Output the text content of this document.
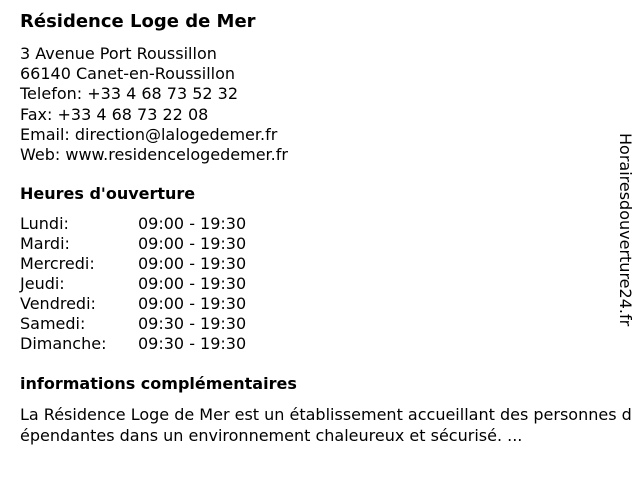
Résidence Loge de Mer
3 Avenue Port Roussillon
66140 Canet-en-Roussillon
Telefon: +33 4 68 73 52 32
Fax: +33 4 68 73 22 08
Email: direction@lalogedemer.fr
Web: www.residencelogedemer.fr
Heures d'ouverture
Lundi:	09:00 - 19:30
Mardi:	09:00 - 19:30
Mercredi:	09:00 - 19:30
Jeudi:	09:00 - 19:30
Vendredi:	09:00 - 19:30
Samedi:	09:30 - 19:30
Dimanche: 09:30 - 19:30
informations complémentaires
La Résidence Loge de Mer est un établissement accueillant des personnes dépendantes dans un environnement chaleureux et sécurisé. ...
Horairesdouverture24.fr
